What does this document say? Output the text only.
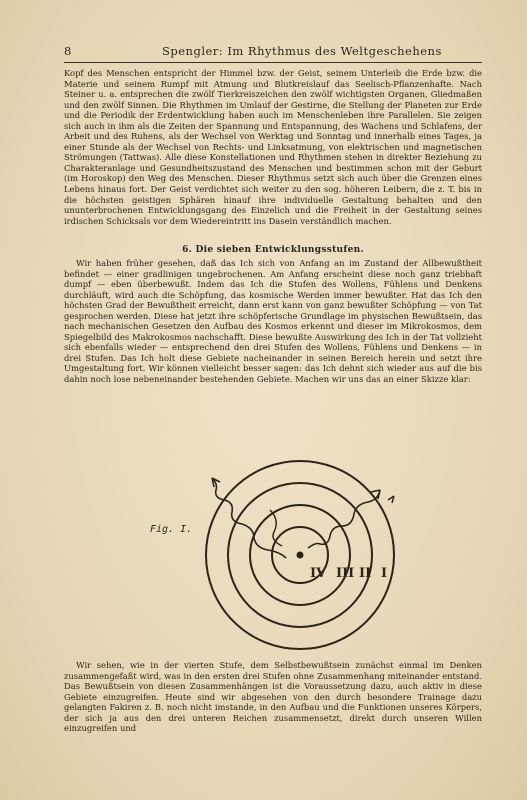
8	Spengler: Im Rhythmus des Weltgeschehens

Kopf des Menschen entspricht der Himmel bzw. der Geist, seinem Unterleib die Erde bzw. die Materie und seinem Rumpf mit Atmung und Blutkreislauf das Seelisch-Pflanzenhafte. Nach Steiner u. a. entsprechen die zwölf Tierkreiszeichen den zwölf wichtigsten Organen, Gliedmaßen und den zwölf Sinnen. Die Rhythmen im Umlauf der Gestirne, die Stellung der Planeten zur Erde und die Periodik der Erdentwicklung haben auch im Menschenleben ihre Parallelen. Sie zeigen sich auch in ihm als die Zeiten der Spannung und Entspannung, des Wachens und Schlafens, der Arbeit und des Ruhens, als der Wechsel von Werktag und Sonntag und innerhalb eines Tages, ja einer Stunde als der Wechsel von Rechts- und Linksatmung, von elektrischen und magnetischen Strömungen (Tattwas). Alle diese Konstellationen und Rhythmen stehen in direkter Beziehung zu Charakteranlage und Gesundheitszustand des Menschen und bestimmen schon mit der Geburt (im Horoskop) den Weg des Menschen. Dieser Rhythmus setzt sich auch über die Grenzen eines Lebens hinaus fort. Der Geist verdichtet sich weiter zu den sog. höheren Leibern, die z. T. bis in die höchsten geistigen Sphären hinauf ihre individuelle Gestaltung behalten und den ununterbrochenen Entwicklungsgang des Einzelich und die Freiheit in der Gestaltung seines irdischen Schicksals vor dem Wiedereintritt ins Dasein verständlich machen.

6. Die sieben Entwicklungsstufen.

Wir haben früher gesehen, daß das Ich sich von Anfang an im Zustand der Allbewußtheit befindet — einer gradlinigen ungebrochenen. Am Anfang erscheint diese noch ganz triebhaft dumpf — eben überbewußt. Indem das Ich die Stufen des Wollens, Fühlens und Denkens durchläuft, wird auch die Schöpfung, das kosmische Werden immer bewußter. Hat das Ich den höchsten Grad der Bewußtheit erreicht, dann erst kann von ganz bewußter Schöpfung — von Tat gesprochen werden. Diese hat jetzt ihre schöpferische Grundlage im physischen Bewußtsein, das nach mechanischen Gesetzen den Aufbau des Kosmos erkennt und dieser im Mikrokosmos, dem Spiegelbild des Makrokosmos nachschafft. Diese bewußte Auswirkung des Ich in der Tat vollzieht sich ebenfalls wieder — entsprechend den drei Stufen des Wollens, Fühlens und Denkens — in drei Stufen. Das Ich holt diese Gebiete nacheinander in seinen Bereich herein und setzt ihre Umgestaltung fort. Wir können vielleicht besser sagen: das Ich dehnt sich wieder aus auf die bis dahin noch lose nebeneinander bestehenden Gebiete. Machen wir uns das an einer Skizze klar:

Fig. I.
IV III II I

Wir sehen, wie in der vierten Stufe, dem Selbstbewußtsein zunächst einmal im Denken zusammengefaßt wird, was in den ersten drei Stufen ohne Zusammenhang miteinander entstand. Das Bewußtsein von diesen Zusammenhängen ist die Voraussetzung dazu, auch aktiv in diese Gebiete einzugreifen. Heute sind wir abgesehen von den durch besondere Trainage dazu gelangten Fakiren z. B. noch nicht imstande, in den Aufbau und die Funktionen unseres Körpers, der sich ja aus den drei unteren Reichen zusammensetzt, direkt durch unseren Willen einzugreifen und
